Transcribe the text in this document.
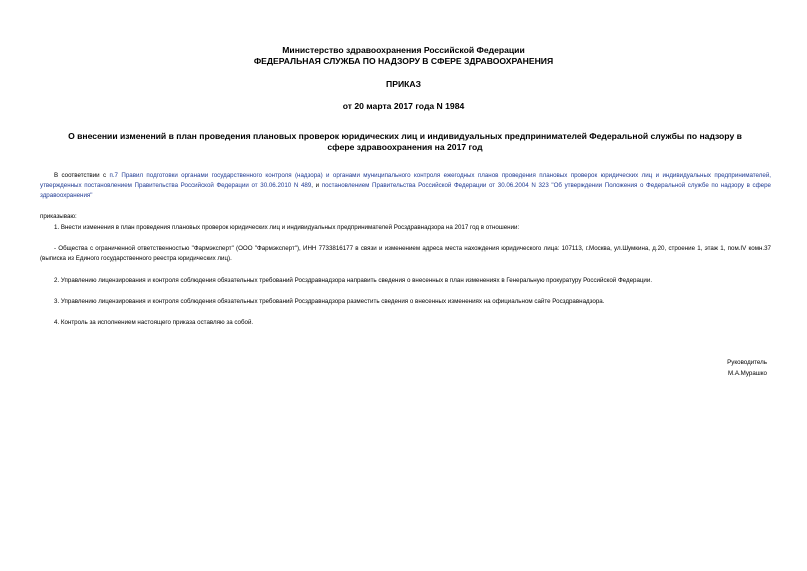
Министерство здравоохранения Российской Федерации
ФЕДЕРАЛЬНАЯ СЛУЖБА ПО НАДЗОРУ В СФЕРЕ ЗДРАВООХРАНЕНИЯ
ПРИКАЗ
от 20 марта 2017 года N 1984
О внесении изменений в план проведения плановых проверок юридических лиц и индивидуальных предпринимателей Федеральной службы по надзору в сфере здравоохранения на 2017 год
В соответствии с п.7 Правил подготовки органами государственного контроля (надзора) и органами муниципального контроля ежегодных планов проведения плановых проверок юридических лиц и индивидуальных предпринимателей, утвержденных постановлением Правительства Российской Федерации от 30.06.2010 N 489, и постановлением Правительства Российской Федерации от 30.06.2004 N 323 "Об утверждении Положения о Федеральной службе по надзору в сфере здравоохранения"
приказываю:
1. Внести изменения в план проведения плановых проверок юридических лиц и индивидуальных предпринимателей Росздравнадзора на 2017 год в отношении:
- Общества с ограниченной ответственностью "Фармэксперт" (ООО "Фармэксперт"), ИНН 7733816177 в связи и изменением адреса места нахождения юридического лица: 107113, г.Москва, ул.Шумкина, д.20, строение 1, этаж 1, пом.IV комн.37 (выписка из Единого государственного реестра юридических лиц).
2. Управлению лицензирования и контроля соблюдения обязательных требований Росздравнадзора направить сведения о внесенных в план изменениях в Генеральную прокуратуру Российской Федерации.
3. Управлению лицензирования и контроля соблюдения обязательных требований Росздравнадзора разместить сведения о внесенных изменениях на официальном сайте Росздравнадзора.
4. Контроль за исполнением настоящего приказа оставляю за собой.
Руководитель
М.А.Мурашко
